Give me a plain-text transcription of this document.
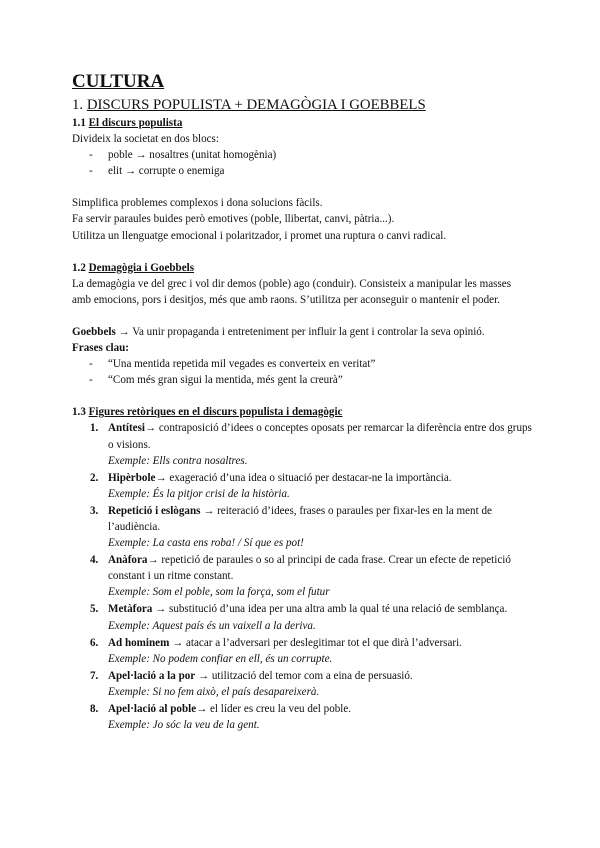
CULTURA
1. DISCURS POPULISTA + DEMAGÒGIA I GOEBBELS
1.1 El discurs populista

Divideix la societat en dos blocs:

- poble → nosaltres (unitat homogènia)
- elit → corrupte o enemiga

Simplifica problemes complexos i dona solucions fàcils.

Fa servir paraules buides però emotives (poble, llibertat, canvi, pàtria...).

Utilitza un llenguatge emocional i polaritzador, i promet una ruptura o canvi radical.

1.2 Demagògia i Goebbels

La demagògia ve del grec i vol dir demos (poble) ago (conduir). Consisteix a manipular les masses amb emocions, pors i desitjos, més que amb raons. S’utilitza per aconseguir o mantenir el poder.

Goebbels → Va unir propaganda i entreteniment per influir la gent i controlar la seva opinió.

Frases clau:

- “Una mentida repetida mil vegades es converteix en veritat”
- “Com més gran sigui la mentida, més gent la creurà”
1.3 Figures retòriques en el discurs populista i demagògic
1. Antítesi→ contraposició d’idees o conceptes oposats per remarcar la diferència entre dos grups o visions.
Exemple: Ells contra nosaltres.
2. Hipèrbole→ exageració d’una idea o situació per destacar-ne la importància.
Exemple: És la pitjor crisi de la història.
3. Repetició i eslògans → reiteració d’idees, frases o paraules per fixar-les en la ment de l’audiència.
Exemple: La casta ens roba! / Sí que es pot!
4. Anàfora→ repetició de paraules o so al principi de cada frase. Crear un efecte de repetició constant i un ritme constant.
Exemple: Som el poble, som la força, som el futur
5. Metàfora → substitució d’una idea per una altra amb la qual té una relació de semblança.
Exemple: Aquest país és un vaixell a la deriva.
6. Ad hominem → atacar a l’adversari per deslegitimar tot el que dirà l’adversari.
Exemple: No podem confiar en ell, és un corrupte.
7. Apel·lació a la por → utilització del temor com a eina de persuasió.
Exemple: Si no fem això, el país desapareixerà.
8. Apel·lació al poble→ el líder es creu la veu del poble.
Exemple: Jo sóc la veu de la gent.
